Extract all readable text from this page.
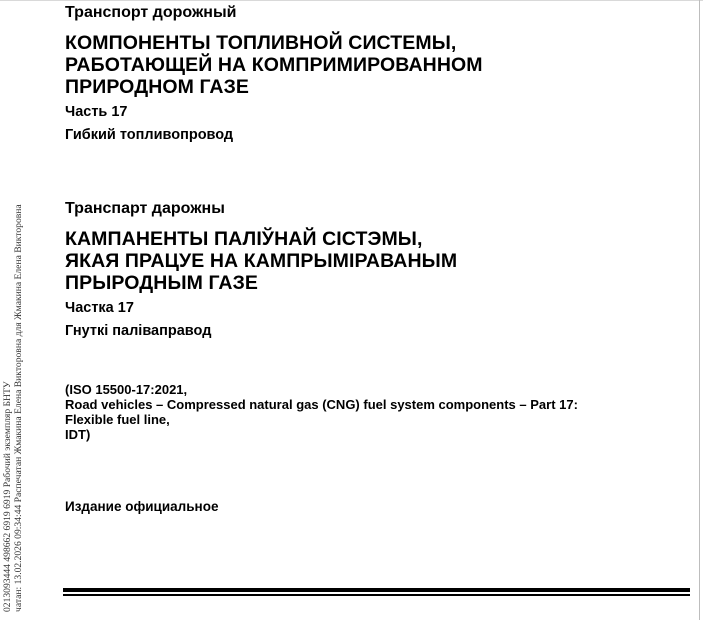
0213093444 498662 6919 6919 Рабочий экземпляр БНТУ чатан: 13.02.2026 09:34:44 Распечатан Жмакина Елена Викторовна для Жмакина Елена Викторовна
Транспорт дорожный
КОМПОНЕНТЫ ТОПЛИВНОЙ СИСТЕМЫ,
РАБОТАЮЩЕЙ НА КОМПРИМИРОВАННОМ
ПРИРОДНОМ ГАЗЕ
Часть 17
Гибкий топливопровод
Транспарт дарожны
КАМПАНЕНТЫ ПАЛІЎНАЙ СІСТЭМЫ,
ЯКАЯ ПРАЦУЕ НА КАМПРЫМІРАВАНЫМ
ПРЫРОДНЫМ ГАЗЕ
Частка 17
Гнуткі паліваправод
(ISO 15500-17:2021,
Road vehicles – Compressed natural gas (CNG) fuel system components – Part 17:
Flexible fuel line,
IDT)
Издание официальное
